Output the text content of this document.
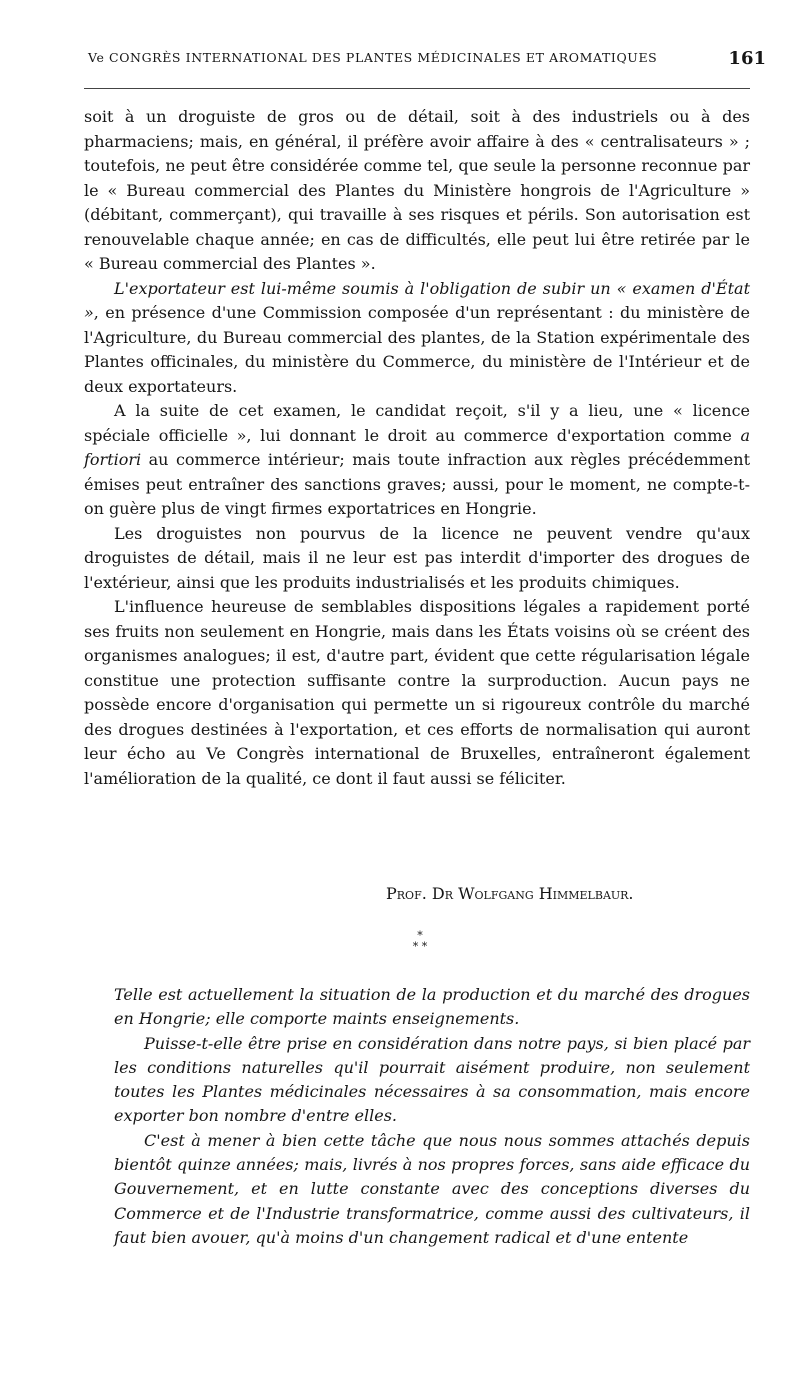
Ve CONGRÈS INTERNATIONAL DES PLANTES MÉDICINALES ET AROMATIQUES	161

soit à un droguiste de gros ou de détail, soit à des industriels ou à des pharmaciens; mais, en général, il préfère avoir affaire à des « centralisateurs » ; toutefois, ne peut être considérée comme tel, que seule la personne reconnue par le « Bureau commercial des Plantes du Ministère hongrois de l'Agriculture » (débitant, commerçant), qui travaille à ses risques et périls. Son autorisation est renouvelable chaque année; en cas de difficultés, elle peut lui être retirée par le « Bureau commercial des Plantes ».

L'exportateur est lui-même soumis à l'obligation de subir un « examen d'État », en présence d'une Commission composée d'un représentant : du ministère de l'Agriculture, du Bureau commercial des plantes, de la Station expérimentale des Plantes officinales, du ministère du Commerce, du ministère de l'Intérieur et de deux exportateurs.

A la suite de cet examen, le candidat reçoit, s'il y a lieu, une « licence spéciale officielle », lui donnant le droit au commerce d'exportation comme a fortiori au commerce intérieur; mais toute infraction aux règles précédemment émises peut entraîner des sanctions graves; aussi, pour le moment, ne compte-t-on guère plus de vingt firmes exportatrices en Hongrie.

Les droguistes non pourvus de la licence ne peuvent vendre qu'aux droguistes de détail, mais il ne leur est pas interdit d'importer des drogues de l'extérieur, ainsi que les produits industrialisés et les produits chimiques.

L'influence heureuse de semblables dispositions légales a rapidement porté ses fruits non seulement en Hongrie, mais dans les États voisins où se créent des organismes analogues; il est, d'autre part, évident que cette régularisation légale constitue une protection suffisante contre la surproduction. Aucun pays ne possède encore d'organisation qui permette un si rigoureux contrôle du marché des drogues destinées à l'exportation, et ces efforts de normalisation qui auront leur écho au Ve Congrès international de Bruxelles, entraîneront également l'amélioration de la qualité, ce dont il faut aussi se féliciter.

Prof. Dr Wolfgang Himmelbaur.
*
* *

Telle est actuellement la situation de la production et du marché des drogues en Hongrie; elle comporte maints enseignements.

Puisse-t-elle être prise en considération dans notre pays, si bien placé par les conditions naturelles qu'il pourrait aisément produire, non seulement toutes les Plantes médicinales nécessaires à sa consommation, mais encore exporter bon nombre d'entre elles.

C'est à mener à bien cette tâche que nous nous sommes attachés depuis bientôt quinze années; mais, livrés à nos propres forces, sans aide efficace du Gouvernement, et en lutte constante avec des conceptions diverses du Commerce et de l'Industrie transformatrice, comme aussi des cultivateurs, il faut bien avouer, qu'à moins d'un changement radical et d'une entente
